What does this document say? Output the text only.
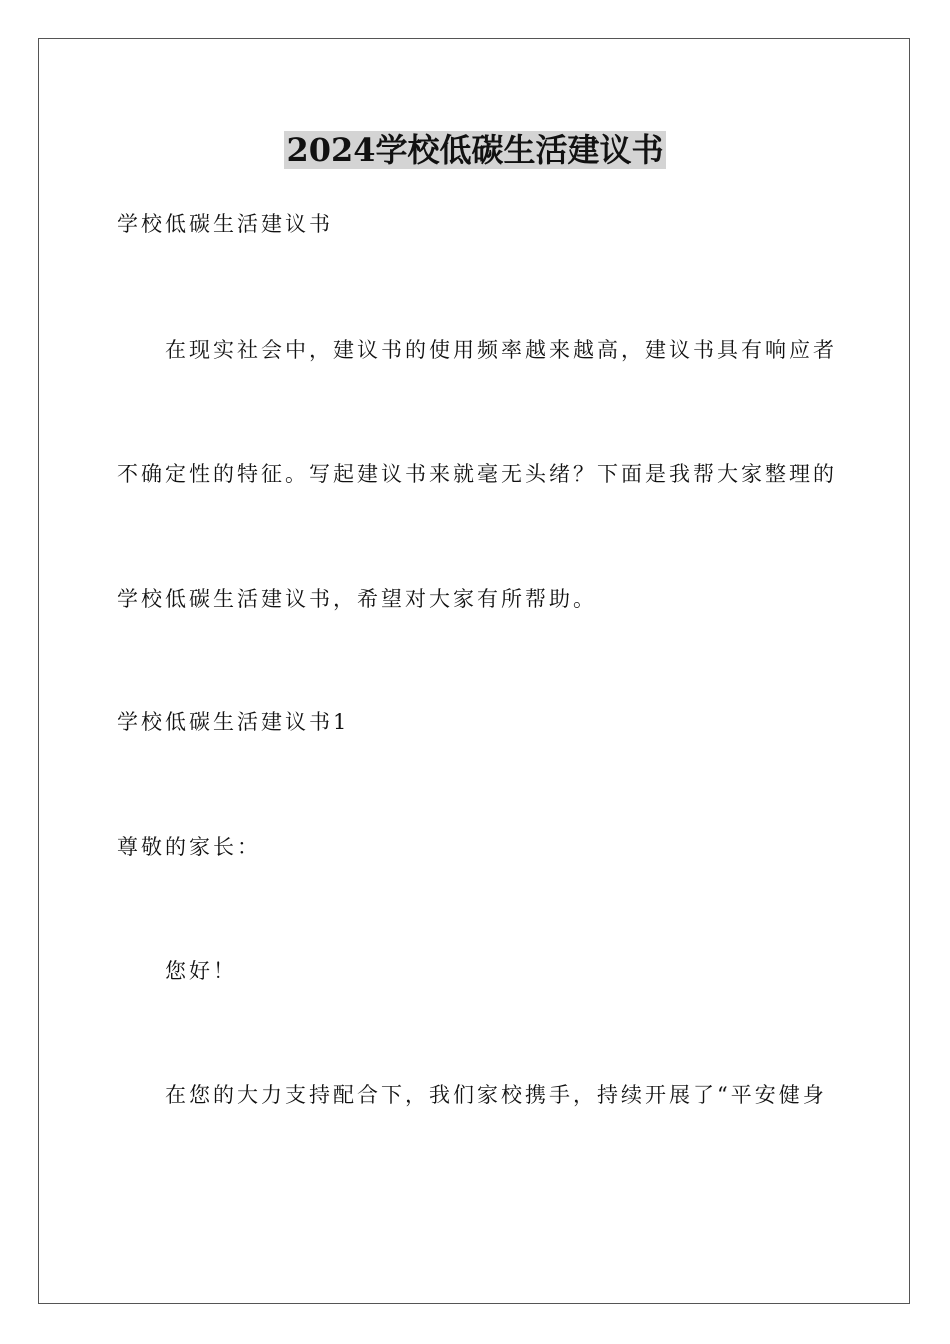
2024学校低碳生活建议书
学校低碳生活建议书
在现实社会中，建议书的使用频率越来越高，建议书具有响应者
不确定性的特征。写起建议书来就毫无头绪？下面是我帮大家整理的
学校低碳生活建议书，希望对大家有所帮助。
学校低碳生活建议书1
尊敬的家长：
您好！
在您的大力支持配合下，我们家校携手，持续开展了“平安健身
